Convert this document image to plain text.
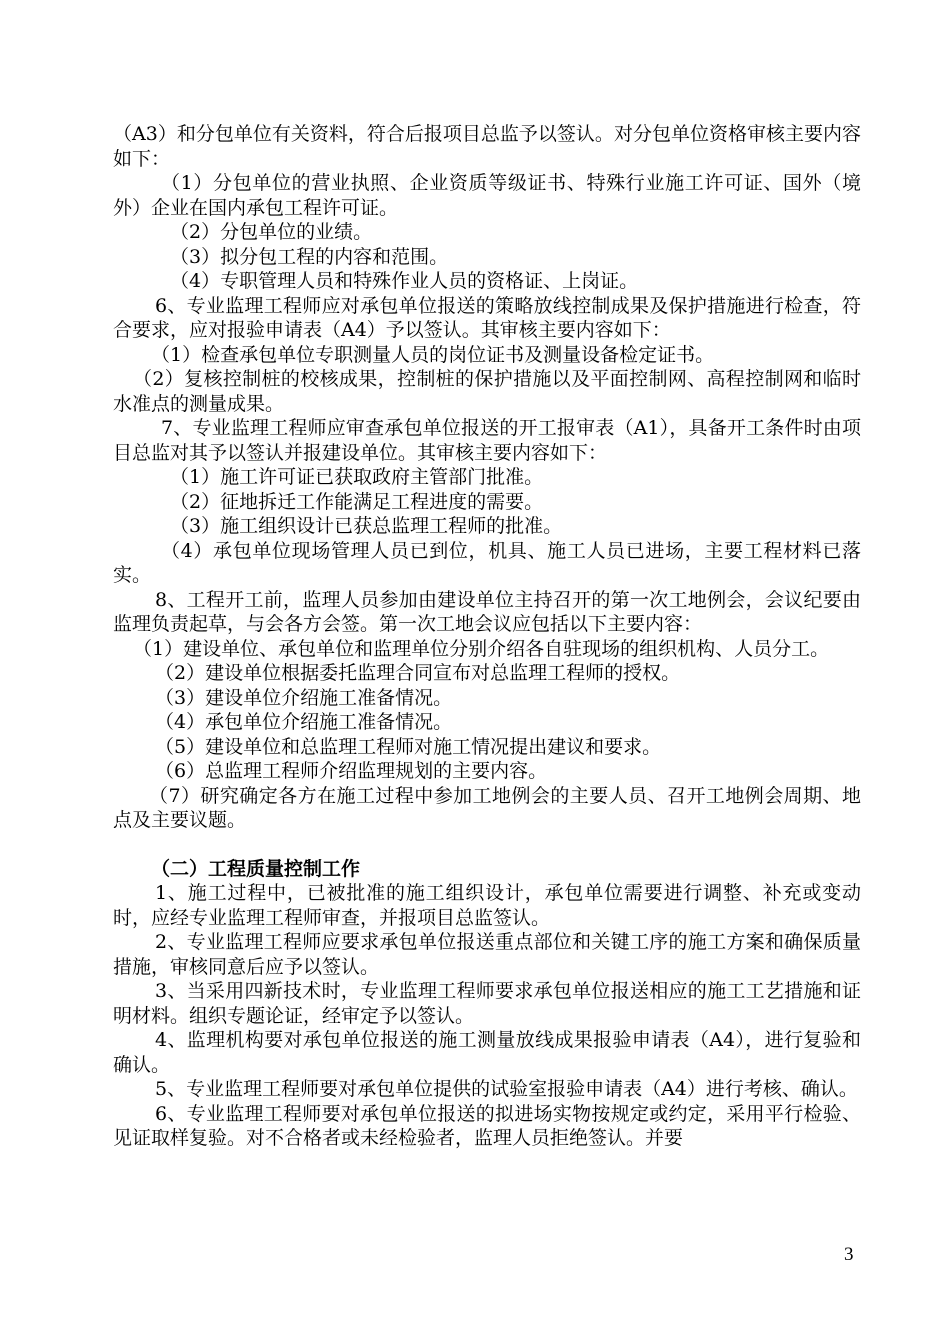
（A3）和分包单位有关资料，符合后报项目总监予以签认。对分包单位资格审核主要内容如下：

（1）分包单位的营业执照、企业资质等级证书、特殊行业施工许可证、国外（境外）企业在国内承包工程许可证。

（2）分包单位的业绩。

（3）拟分包工程的内容和范围。

（4）专职管理人员和特殊作业人员的资格证、上岗证。

6、专业监理工程师应对承包单位报送的策略放线控制成果及保护措施进行检查，符合要求，应对报验申请表（A4）予以签认。其审核主要内容如下：

（1）检查承包单位专职测量人员的岗位证书及测量设备检定证书。

（2）复核控制桩的校核成果，控制桩的保护措施以及平面控制网、高程控制网和临时水准点的测量成果。

7、专业监理工程师应审查承包单位报送的开工报审表（A1），具备开工条件时由项目总监对其予以签认并报建设单位。其审核主要内容如下：

（1）施工许可证已获取政府主管部门批准。

（2）征地拆迁工作能满足工程进度的需要。

（3）施工组织设计已获总监理工程师的批准。

（4）承包单位现场管理人员已到位，机具、施工人员已进场，主要工程材料已落实。

8、工程开工前，监理人员参加由建设单位主持召开的第一次工地例会，会议纪要由监理负责起草，与会各方会签。第一次工地会议应包括以下主要内容：

（1）建设单位、承包单位和监理单位分别介绍各自驻现场的组织机构、人员分工。

（2）建设单位根据委托监理合同宣布对总监理工程师的授权。

（3）建设单位介绍施工准备情况。

（4）承包单位介绍施工准备情况。

（5）建设单位和总监理工程师对施工情况提出建议和要求。

（6）总监理工程师介绍监理规划的主要内容。

（7）研究确定各方在施工过程中参加工地例会的主要人员、召开工地例会周期、地点及主要议题。

（二）工程质量控制工作

1、施工过程中，已被批准的施工组织设计，承包单位需要进行调整、补充或变动时，应经专业监理工程师审查，并报项目总监签认。

2、专业监理工程师应要求承包单位报送重点部位和关键工序的施工方案和确保质量措施，审核同意后应予以签认。

3、当采用四新技术时，专业监理工程师要求承包单位报送相应的施工工艺措施和证明材料。组织专题论证，经审定予以签认。

4、监理机构要对承包单位报送的施工测量放线成果报验申请表（A4），进行复验和确认。

5、专业监理工程师要对承包单位提供的试验室报验申请表（A4）进行考核、确认。

6、专业监理工程师要对承包单位报送的拟进场实物按规定或约定，采用平行检验、见证取样复验。对不合格者或未经检验者，监理人员拒绝签认。并要

3
